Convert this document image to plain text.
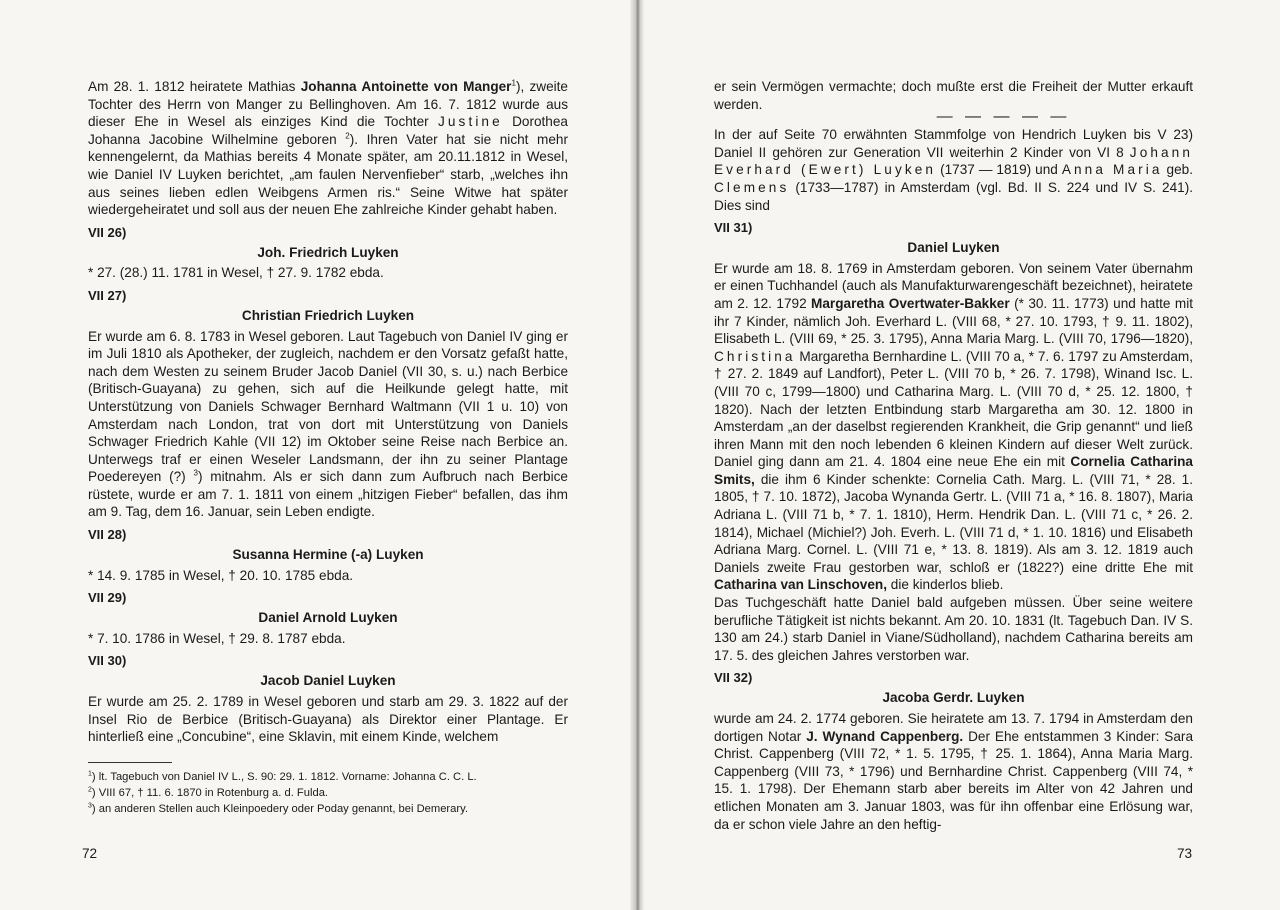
Am 28. 1. 1812 heiratete Mathias Johanna Antoinette von Manger$^1$), zweite Tochter des Herrn von Manger zu Bellinghoven. Am 16. 7. 1812 wurde aus dieser Ehe in Wesel als einziges Kind die Tochter Justine Dorothea Johanna Jacobine Wilhelmine geboren $^2$). Ihren Vater hat sie nicht mehr kennengelernt, da Mathias bereits 4 Monate später, am 20.11.1812 in Wesel, wie Daniel IV Luyken berichtet, „am faulen Nervenfieber“ starb, „welches ihn aus seines lieben edlen Weibgens Armen ris.“ Seine Witwe hat später wiedergeheiratet und soll aus der neuen Ehe zahlreiche Kinder gehabt haben.

VII 26)
Joh. Friedrich Luyken

* 27. (28.) 11. 1781 in Wesel, † 27. 9. 1782 ebda.

VII 27)
Christian Friedrich Luyken

Er wurde am 6. 8. 1783 in Wesel geboren. Laut Tagebuch von Daniel IV ging er im Juli 1810 als Apotheker, der zugleich, nachdem er den Vorsatz gefaßt hatte, nach dem Westen zu seinem Bruder Jacob Daniel (VII 30, s. u.) nach Berbice (Britisch-Guayana) zu gehen, sich auf die Heilkunde gelegt hatte, mit Unterstützung von Daniels Schwager Bernhard Waltmann (VII 1 u. 10) von Amsterdam nach London, trat von dort mit Unterstützung von Daniels Schwager Friedrich Kahle (VII 12) im Oktober seine Reise nach Berbice an. Unterwegs traf er einen Weseler Landsmann, der ihn zu seiner Plantage Poedereyen (?) $^3$) mitnahm. Als er sich dann zum Aufbruch nach Berbice rüstete, wurde er am 7. 1. 1811 von einem „hitzigen Fieber“ befallen, das ihm am 9. Tag, dem 16. Januar, sein Leben endigte.

VII 28)
Susanna Hermine (-a) Luyken

* 14. 9. 1785 in Wesel, † 20. 10. 1785 ebda.

VII 29)
Daniel Arnold Luyken

* 7. 10. 1786 in Wesel, † 29. 8. 1787 ebda.

VII 30)
Jacob Daniel Luyken

Er wurde am 25. 2. 1789 in Wesel geboren und starb am 29. 3. 1822 auf der Insel Rio de Berbice (Britisch-Guayana) als Direktor einer Plantage. Er hinterließ eine „Concubine“, eine Sklavin, mit einem Kinde, welchem

$^1$) lt. Tagebuch von Daniel IV L., S. 90: 29. 1. 1812. Vorname: Johanna C. C. L.

$^2$) VIII 67, † 11. 6. 1870 in Rotenburg a. d. Fulda.

$^3$) an anderen Stellen auch Kleinpoedery oder Poday genannt, bei Demerary.

72	73

er sein Vermögen vermachte; doch mußte erst die Freiheit der Mutter erkauft werden.

— — — — —

In der auf Seite 70 erwähnten Stammfolge von Hendrich Luyken bis V 23) Daniel II gehören zur Generation VII weiterhin 2 Kinder von VI 8 Johann Everhard (Ewert) Luyken (1737 — 1819) und Anna Maria geb. Clemens (1733—1787) in Amsterdam (vgl. Bd. II S. 224 und IV S. 241). Dies sind

VII 31)
Daniel Luyken

Er wurde am 18. 8. 1769 in Amsterdam geboren. Von seinem Vater übernahm er einen Tuchhandel (auch als Manufakturwarengeschäft bezeichnet), heiratete am 2. 12. 1792 Margaretha Overtwater-Bakker (* 30. 11. 1773) und hatte mit ihr 7 Kinder, nämlich Joh. Everhard L. (VIII 68, * 27. 10. 1793, † 9. 11. 1802), Elisabeth L. (VIII 69, * 25. 3. 1795), Anna Maria Marg. L. (VIII 70, 1796—1820), Christina Margaretha Bernhardine L. (VIII 70 a, * 7. 6. 1797 zu Amsterdam, † 27. 2. 1849 auf Landfort), Peter L. (VIII 70 b, * 26. 7. 1798), Winand Isc. L. (VIII 70 c, 1799—1800) und Catharina Marg. L. (VIII 70 d, * 25. 12. 1800, † 1820). Nach der letzten Entbindung starb Margaretha am 30. 12. 1800 in Amsterdam „an der daselbst regierenden Krankheit, die Grip genannt“ und ließ ihren Mann mit den noch lebenden 6 kleinen Kindern auf dieser Welt zurück. Daniel ging dann am 21. 4. 1804 eine neue Ehe ein mit Cornelia Catharina Smits, die ihm 6 Kinder schenkte: Cornelia Cath. Marg. L. (VIII 71, * 28. 1. 1805, † 7. 10. 1872), Jacoba Wynanda Gertr. L. (VIII 71 a, * 16. 8. 1807), Maria Adriana L. (VIII 71 b, * 7. 1. 1810), Herm. Hendrik Dan. L. (VIII 71 c, * 26. 2. 1814), Michael (Michiel?) Joh. Everh. L. (VIII 71 d, * 1. 10. 1816) und Elisabeth Adriana Marg. Cornel. L. (VIII 71 e, * 13. 8. 1819). Als am 3. 12. 1819 auch Daniels zweite Frau gestorben war, schloß er (1822?) eine dritte Ehe mit Catharina van Linschoven, die kinderlos blieb.

Das Tuchgeschäft hatte Daniel bald aufgeben müssen. Über seine weitere berufliche Tätigkeit ist nichts bekannt. Am 20. 10. 1831 (lt. Tagebuch Dan. IV S. 130 am 24.) starb Daniel in Viane/Südholland), nachdem Catharina bereits am 17. 5. des gleichen Jahres verstorben war.

VII 32)
Jacoba Gerdr. Luyken

wurde am 24. 2. 1774 geboren. Sie heiratete am 13. 7. 1794 in Amsterdam den dortigen Notar J. Wynand Cappenberg. Der Ehe entstammen 3 Kinder: Sara Christ. Cappenberg (VIII 72, * 1. 5. 1795, † 25. 1. 1864), Anna Maria Marg. Cappenberg (VIII 73, * 1796) und Bernhardine Christ. Cappenberg (VIII 74, * 15. 1. 1798). Der Ehemann starb aber bereits im Alter von 42 Jahren und etlichen Monaten am 3. Januar 1803, was für ihn offenbar eine Erlösung war, da er schon viele Jahre an den heftig-
